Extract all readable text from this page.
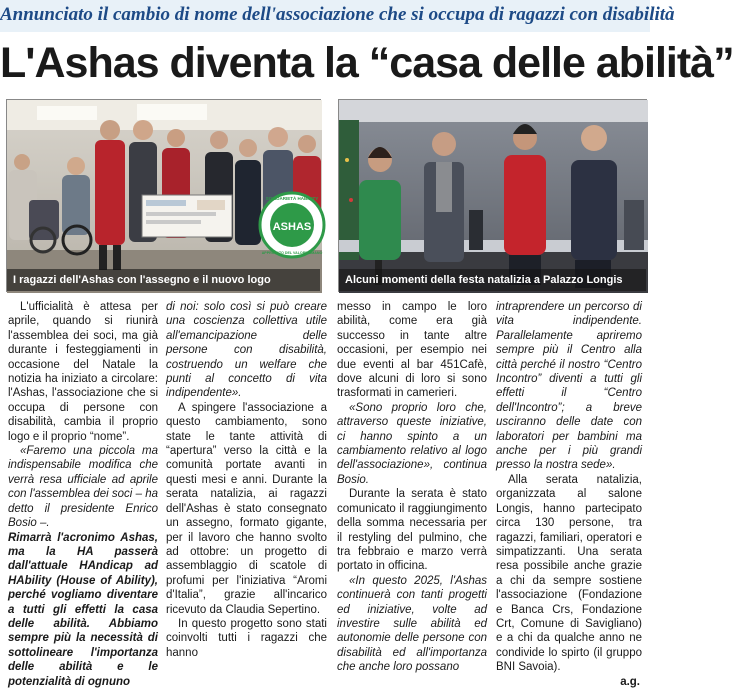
Annunciato il cambio di nome dell'associazione che si occupa di ragazzi con disabilità
L'Ashas diventa la “casa delle abilità”
ASHAS
SOLIDARIETÀ HABILITY
APPROVATO DEL VALORE UMANO
I ragazzi dell'Ashas con l'assegno e il nuovo logo	Alcuni momenti della festa natalizia a Palazzo Longis

L'ufficialità è attesa per aprile, quando si riunirà l'assemblea dei soci, ma già durante i festeggiamenti in occasione del Natale la notizia ha iniziato a circolare: l'Ashas, l'associazione che si occupa di persone con disabilità, cambia il proprio logo e il proprio “nome”.

«Faremo una piccola ma indispensabile modifica che verrà resa ufficiale ad aprile con l'assemblea dei soci – ha detto il presidente Enrico Bosio –.

Rimarrà l'acronimo Ashas, ma la HA passerà dall'attuale HAndicap ad HAbility (House of Ability), perché vogliamo diventare a tutti gli effetti la casa delle abilità. Abbiamo sempre più la necessità di sottolineare l'importanza delle abilità e le potenzialità di ognuno

di noi: solo così si può creare una coscienza collettiva utile all'emancipazione delle persone con disabilità, costruendo un welfare che punti al concetto di vita indipendente».

A spingere l'associazione a questo cambiamento, sono state le tante attività di “apertura” verso la città e la comunità portate avanti in questi mesi e anni. Durante la serata natalizia, ai ragazzi dell'Ashas è stato consegnato un assegno, formato gigante, per il lavoro che hanno svolto ad ottobre: un progetto di assemblaggio di scatole di profumi per l'iniziativa “Aromi d'Italia”, grazie all'incarico ricevuto da Claudia Sepertino.

In questo progetto sono stati coinvolti tutti i ragazzi che hanno

messo in campo le loro abilità, come era già successo in tante altre occasioni, per esempio nei due eventi al bar 451Cafè, dove alcuni di loro si sono trasformati in camerieri.

«Sono proprio loro che, attraverso queste iniziative, ci hanno spinto a un cambiamento relativo al logo dell'associazione», continua Bosio.

Durante la serata è stato comunicato il raggiungimento della somma necessaria per il restyling del pulmino, che tra febbraio e marzo verrà portato in officina.

«In questo 2025, l'Ashas continuerà con tanti progetti ed iniziative, volte ad investire sulle abilità ed autonomie delle persone con disabilità ed all'importanza che anche loro possano

intraprendere un percorso di vita indipendente. Parallelamente apriremo sempre più il Centro alla città perché il nostro “Centro Incontro” diventi a tutti gli effetti il “Centro dell'Incontro”; a breve usciranno delle date con laboratori per bambini ma anche per i più grandi presso la nostra sede».

Alla serata natalizia, organizzata al salone Longis, hanno partecipato circa 130 persone, tra ragazzi, familiari, operatori e simpatizzanti. Una serata resa possibile anche grazie a chi da sempre sostiene l'associazione (Fondazione e Banca Crs, Fondazione Crt, Comune di Savigliano) e a chi da qualche anno ne condivide lo spirto (il gruppo BNI Savoia).

a.g.
